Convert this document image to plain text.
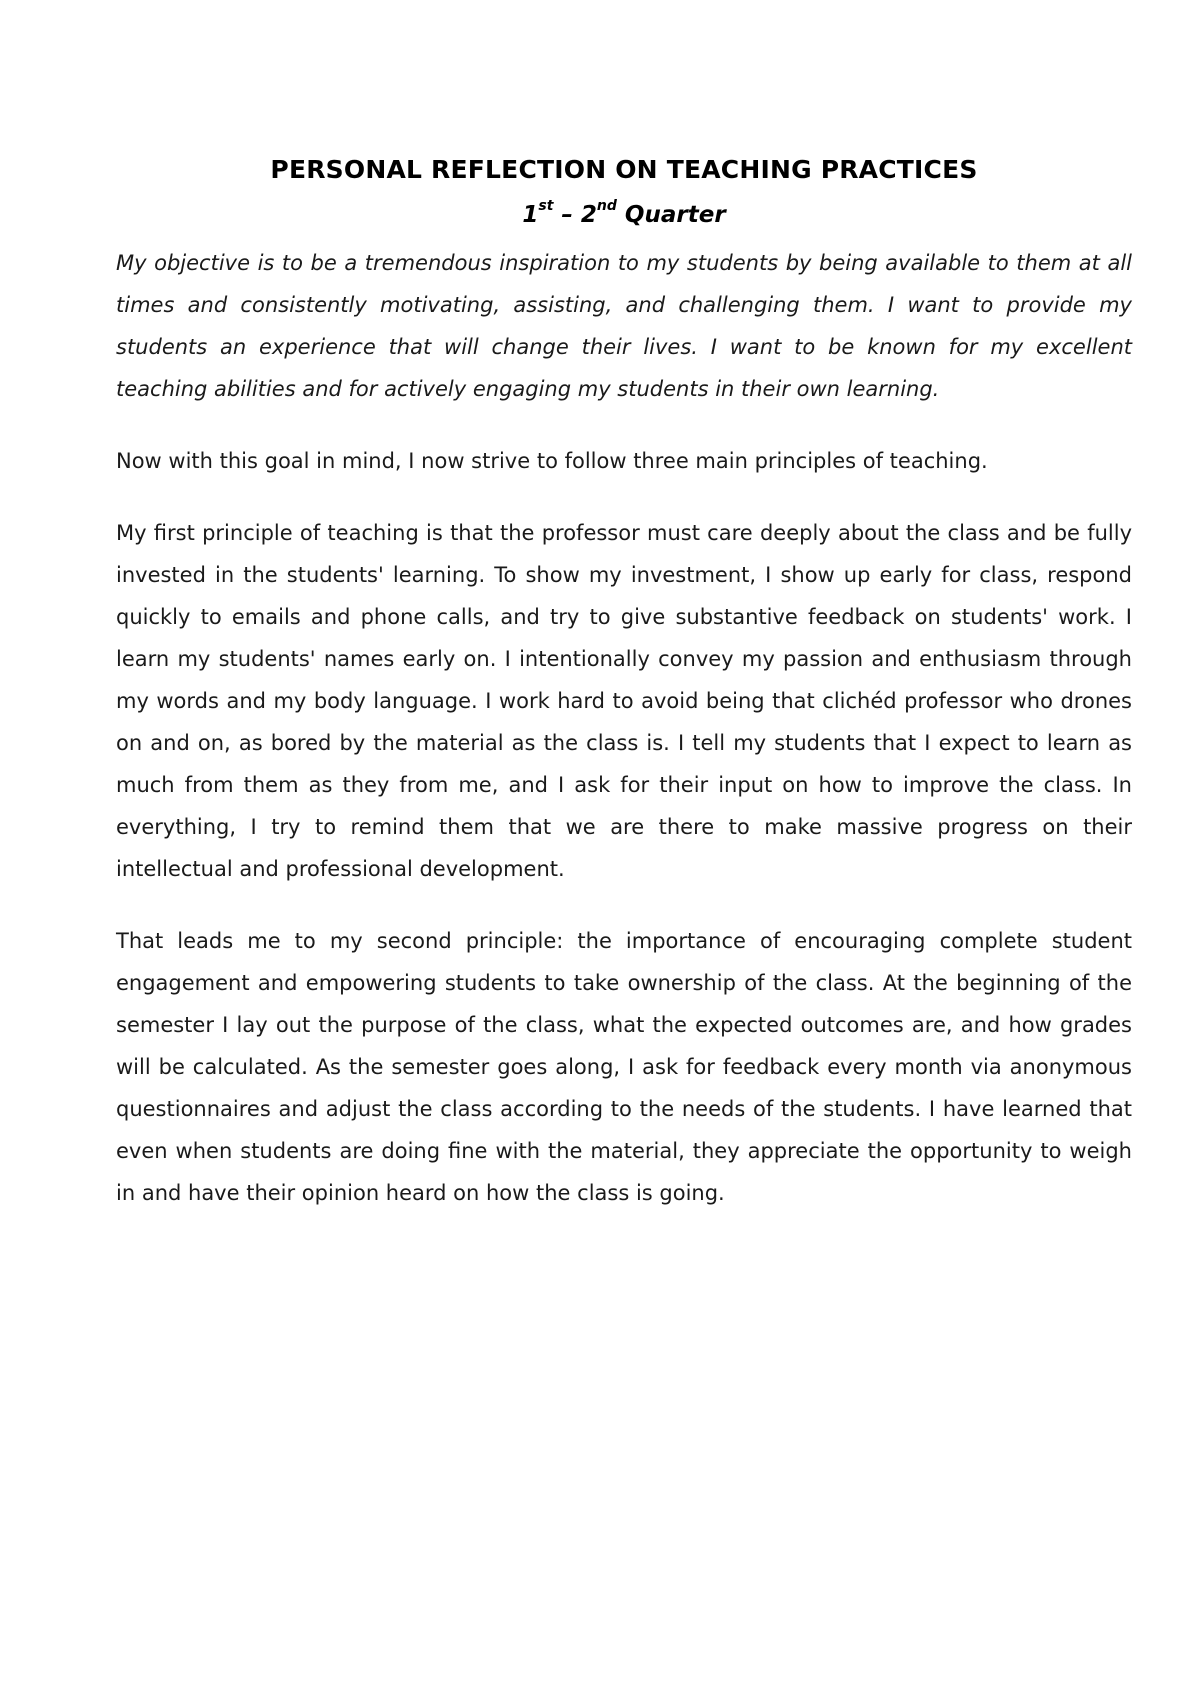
PERSONAL REFLECTION ON TEACHING PRACTICES
1st – 2nd Quarter

My objective is to be a tremendous inspiration to my students by being available to them at all times and consistently motivating, assisting, and challenging them. I want to provide my students an experience that will change their lives. I want to be known for my excellent teaching abilities and for actively engaging my students in their own learning.

Now with this goal in mind, I now strive to follow three main principles of teaching.

My first principle of teaching is that the professor must care deeply about the class and be fully invested in the students' learning. To show my investment, I show up early for class, respond quickly to emails and phone calls, and try to give substantive feedback on students' work. I learn my students' names early on. I intentionally convey my passion and enthusiasm through my words and my body language. I work hard to avoid being that clichéd professor who drones on and on, as bored by the material as the class is. I tell my students that I expect to learn as much from them as they from me, and I ask for their input on how to improve the class. In everything, I try to remind them that we are there to make massive progress on their intellectual and professional development.

That leads me to my second principle: the importance of encouraging complete student engagement and empowering students to take ownership of the class. At the beginning of the semester I lay out the purpose of the class, what the expected outcomes are, and how grades will be calculated. As the semester goes along, I ask for feedback every month via anonymous questionnaires and adjust the class according to the needs of the students. I have learned that even when students are doing fine with the material, they appreciate the opportunity to weigh in and have their opinion heard on how the class is going.
